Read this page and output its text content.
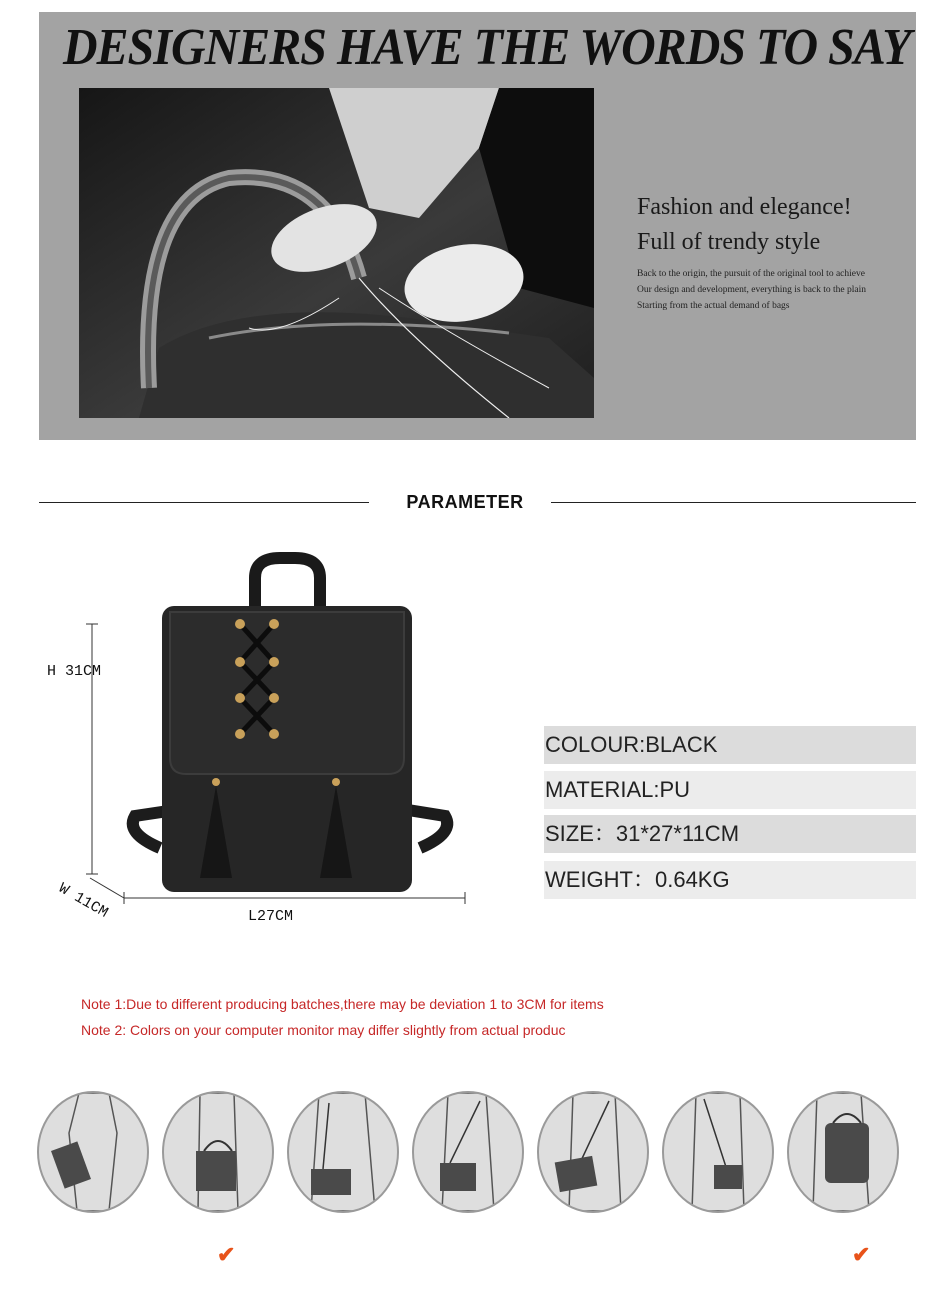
DESIGNERS HAVE THE WORDS TO SAY
Fashion and elegance!
Full of trendy style
Back to the origin, the pursuit of the original tool to achieve
Our design and development, everything is back to the plain
Starting from the actual demand of bags
PARAMETER
H 31CM
W 11CM	L27CM
COLOUR:BLACK
MATERIAL:PU
SIZE：31*27*11CM
WEIGHT：0.64KG
Note 1:Due to different producing batches,there may be deviation 1 to 3CM for items
Note 2: Colors on your computer monitor may differ slightly from actual produc
✔	✔
